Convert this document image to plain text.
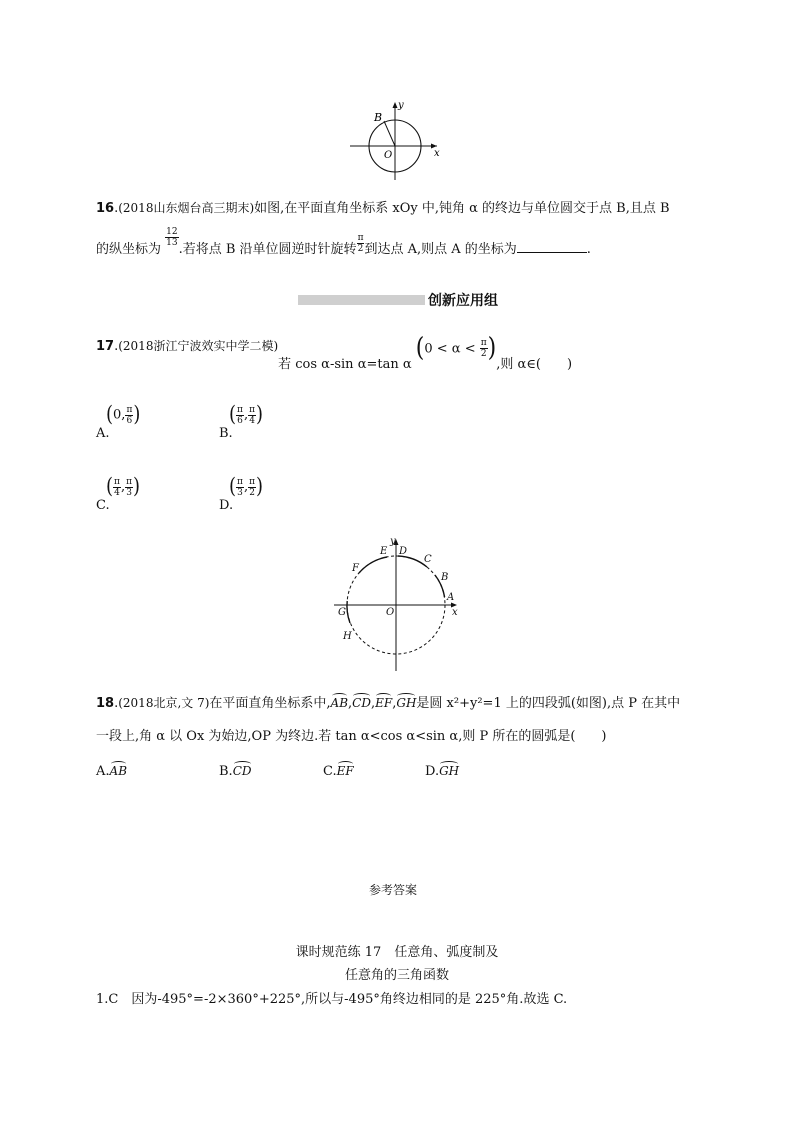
B
y
O	x
16.(2018山东烟台高三期末)如图,在平面直角坐标系 xOy 中,钝角 α 的终边与单位圆交于点 B,且点 B
的纵坐标为
$\frac{12}{13}$
.若将点 B 沿单位圆逆时针旋转 $\frac{\pi}{2}$ 到达点 A,则点 A 的坐标为	.
创新应用组
17.(2018浙江宁波效实中学二模)若 cos α-sin α=tan α ($0 < \alpha < \frac{\pi}{2}$ ),则 α∈(　　)
(0, $\frac{\pi}{6}$ )
A.
( $\frac{\pi}{6}$ , $\frac{\pi}{4}$ )
B.
( $\frac{\pi}{4}$ , $\frac{\pi}{3}$ )
C.
( $\frac{\pi}{3}$ , $\frac{\pi}{2}$ )
D.
y
E D
C
F
B
G	O
A
x
H
18.(2018北京,文 7)在平面直角坐标系中,AB,CD,EF,GH是圆 x²+y²=1 上的四段弧(如图),点 P 在其中
一段上,角 α 以 Ox 为始边,OP 为终边.若 tan α<cos α<sin α,则 P 所在的圆弧是(　　)
A.AB	B.CD	C.EF	D.GH
参考答案
课时规范练 17　任意角、弧度制及
任意角的三角函数
1.C　因为-495°=-2×360°+225°,所以与-495°角终边相同的是 225°角.故选 C.
